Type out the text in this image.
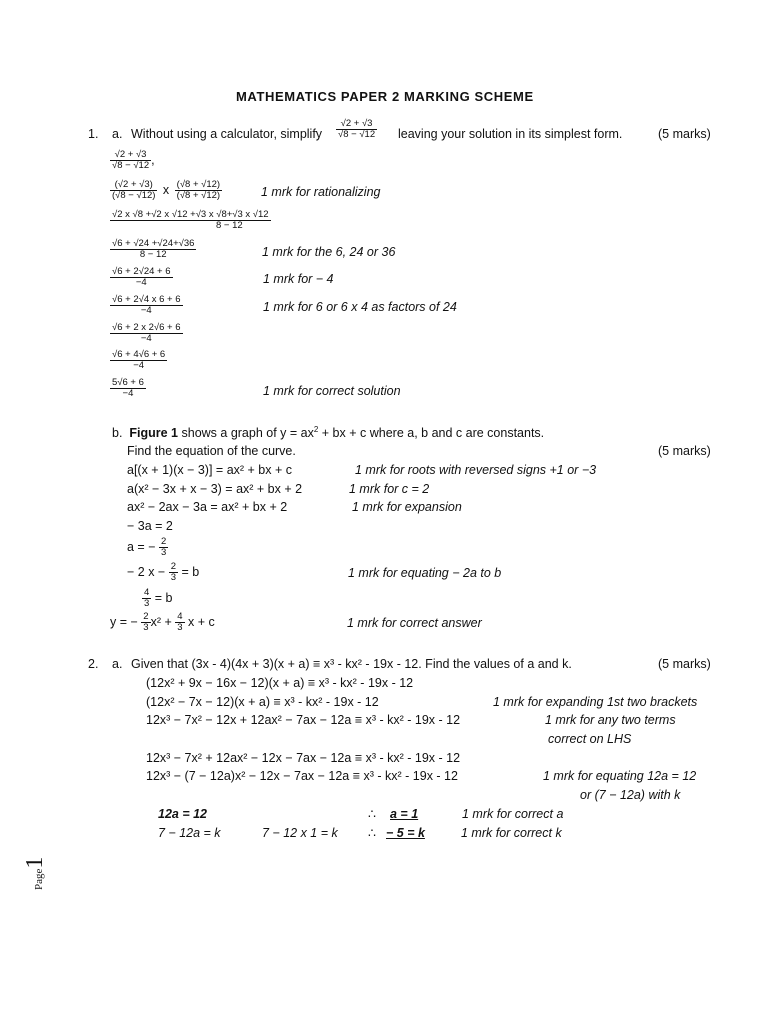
MATHEMATICS PAPER 2 MARKING SCHEME
1. a. Without using a calculator, simplify $\frac{√2 + √3}{√8 - √12}$ leaving your solution in its simplest form.	(5 marks)
$\frac{√2 + √3}{√8 - √12}$ ,
$\frac{(√2 + √3)}{(√8 - √12)}$ x $\frac{(√8 + √12)}{(√8 + √12)}$	1 mrk for rationalizing
$\frac{√2 x √8 +√2 x √12 +√3 x √8+√3 x √12}{8 - 12}$
$\frac{√6 + √24 +√24+√36}{8 - 12}$	1 mrk for the 6, 24 or 36
$\frac{√6 + 2√24 + 6}{-4}$	1 mrk for − 4
$\frac{√6 + 2√4 x 6 + 6}{-4}$	1 mrk for 6 or 6 x 4 as factors of 24
$\frac{√6 + 2 x 2√6 + 6}{-4}$
$\frac{√6 + 4√6 + 6}{-4}$
$\frac{5√6 + 6}{-4}$	1 mrk for correct solution
b. Figure 1 shows a graph of $y = ax^2$ + bx + c where a, b and c are constants.
Find the equation of the curve.	(5 marks)
a[(x + 1)(x − 3)] = ax² + bx + c	1 mrk for roots with reversed signs +1 or −3
a(x² − 3x + x − 3) = ax² + bx + 2	1 mrk for c = 2
ax² − 2ax − 3a = ax² + bx + 2	1 mrk for expansion
− 3a = 2
a = − $\frac{2}{3}$
− 2 $x - \frac{2}{3} = b$	1 mrk for equating − 2a to b
$\frac{4}{3} = b$
y = − $\frac{2}{3} x^2 + \frac{4}{3}$ x + c	1 mrk for correct answer
2. a. Given that (3x - 4)(4x + 3)(x + a) ≡ x³ - kx² - 19x - 12. Find the values of a and k.	(5 marks)
(12x² + 9x − 16x − 12)(x + a) ≡ x³ - kx² - 19x - 12
(12x² − 7x − 12)(x + a) ≡ x³ - kx² - 19x - 12	1 mrk for expanding 1st two brackets
12x³ − 7x² − 12x + 12ax² − 7ax − 12a ≡ x³ - kx² - 19x - 12	1 mrk for any two terms
correct on LHS
12x³ − 7x² + 12ax² − 12x − 7ax − 12a ≡ x³ - kx² - 19x - 12
12x³ − (7 − 12a)x² − 12x − 7ax − 12a ≡ x³ - kx² - 19x - 12	1 mrk for equating 12a = 12
or (7 − 12a) with k
12a = 12	∴ a = 1	1 mrk for correct a
7 − 12a = k	7 − 12 x 1 = k ∴ − 5 = k	1 mrk for correct k
Page1
